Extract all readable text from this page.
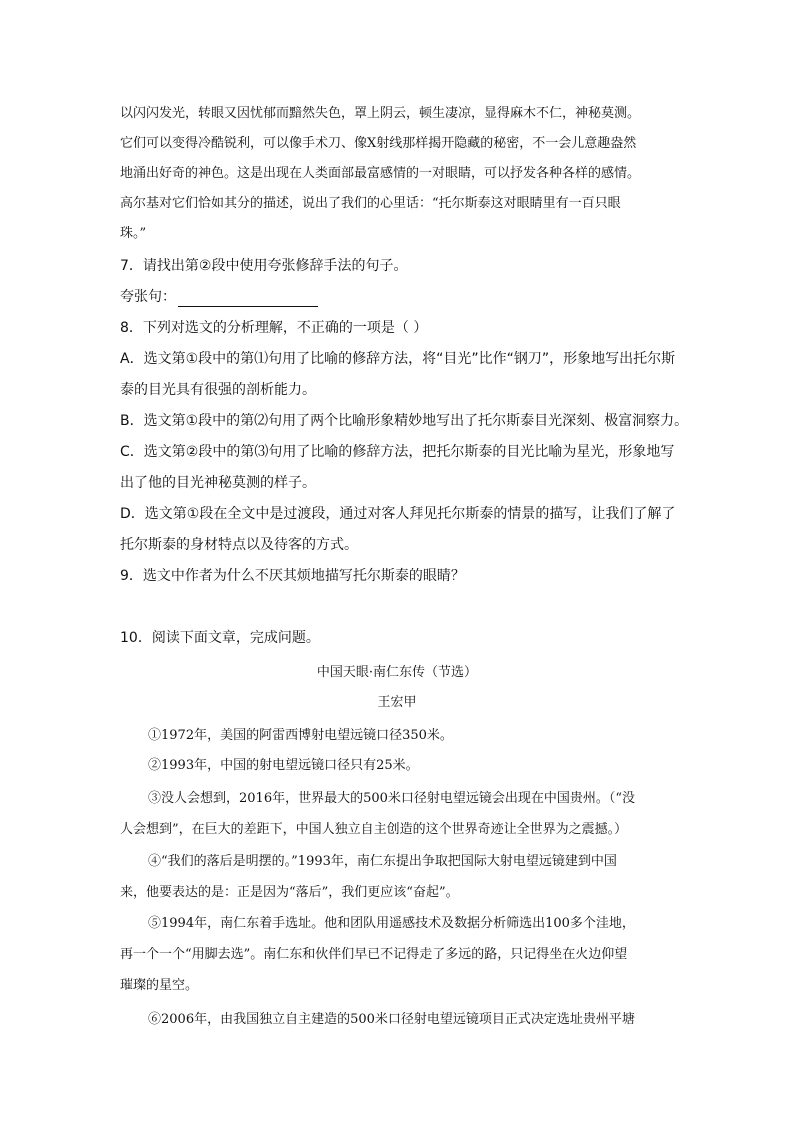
以闪闪发光，转眼又因忧郁而黯然失色，罩上阴云，顿生凄凉，显得麻木不仁，神秘莫测。
它们可以变得冷酷锐利，可以像手术刀、像X射线那样揭开隐藏的秘密，不一会儿意趣盎然
地涌出好奇的神色。这是出现在人类面部最富感情的一对眼睛，可以抒发各种各样的感情。
高尔基对它们恰如其分的描述，说出了我们的心里话：“托尔斯泰这对眼睛里有一百只眼
珠。”
7．请找出第②段中使用夸张修辞手法的句子。
夸张句：
8．下列对选文的分析理解，不正确的一项是（ ）
A．选文第①段中的第⑴句用了比喻的修辞方法，将“目光”比作“钢刀”，形象地写出托尔斯
泰的目光具有很强的剖析能力。
B．选文第①段中的第⑵句用了两个比喻形象精妙地写出了托尔斯泰目光深刻、极富洞察力。
C．选文第②段中的第⑶句用了比喻的修辞方法，把托尔斯泰的目光比喻为星光，形象地写
出了他的目光神秘莫测的样子。
D．选文第①段在全文中是过渡段，通过对客人拜见托尔斯泰的情景的描写，让我们了解了
托尔斯泰的身材特点以及待客的方式。
9．选文中作者为什么不厌其烦地描写托尔斯泰的眼睛？
10．阅读下面文章，完成问题。
中国天眼·南仁东传（节选）
王宏甲
①1972年，美国的阿雷西博射电望远镜口径350米。
②1993年，中国的射电望远镜口径只有25米。
③没人会想到，2016年，世界最大的500米口径射电望远镜会出现在中国贵州。（“没
人会想到”，在巨大的差距下，中国人独立自主创造的这个世界奇迹让全世界为之震撼。）
④“我们的落后是明摆的。”1993年，南仁东提出争取把国际大射电望远镜建到中国
来，他要表达的是：正是因为“落后”，我们更应该“奋起”。
⑤1994年，南仁东着手选址。他和团队用遥感技术及数据分析筛选出100多个洼地，
再一个一个“用脚去选”。南仁东和伙伴们早已不记得走了多远的路，只记得坐在火边仰望
璀璨的星空。
⑥2006年，由我国独立自主建造的500米口径射电望远镜项目正式决定选址贵州平塘
